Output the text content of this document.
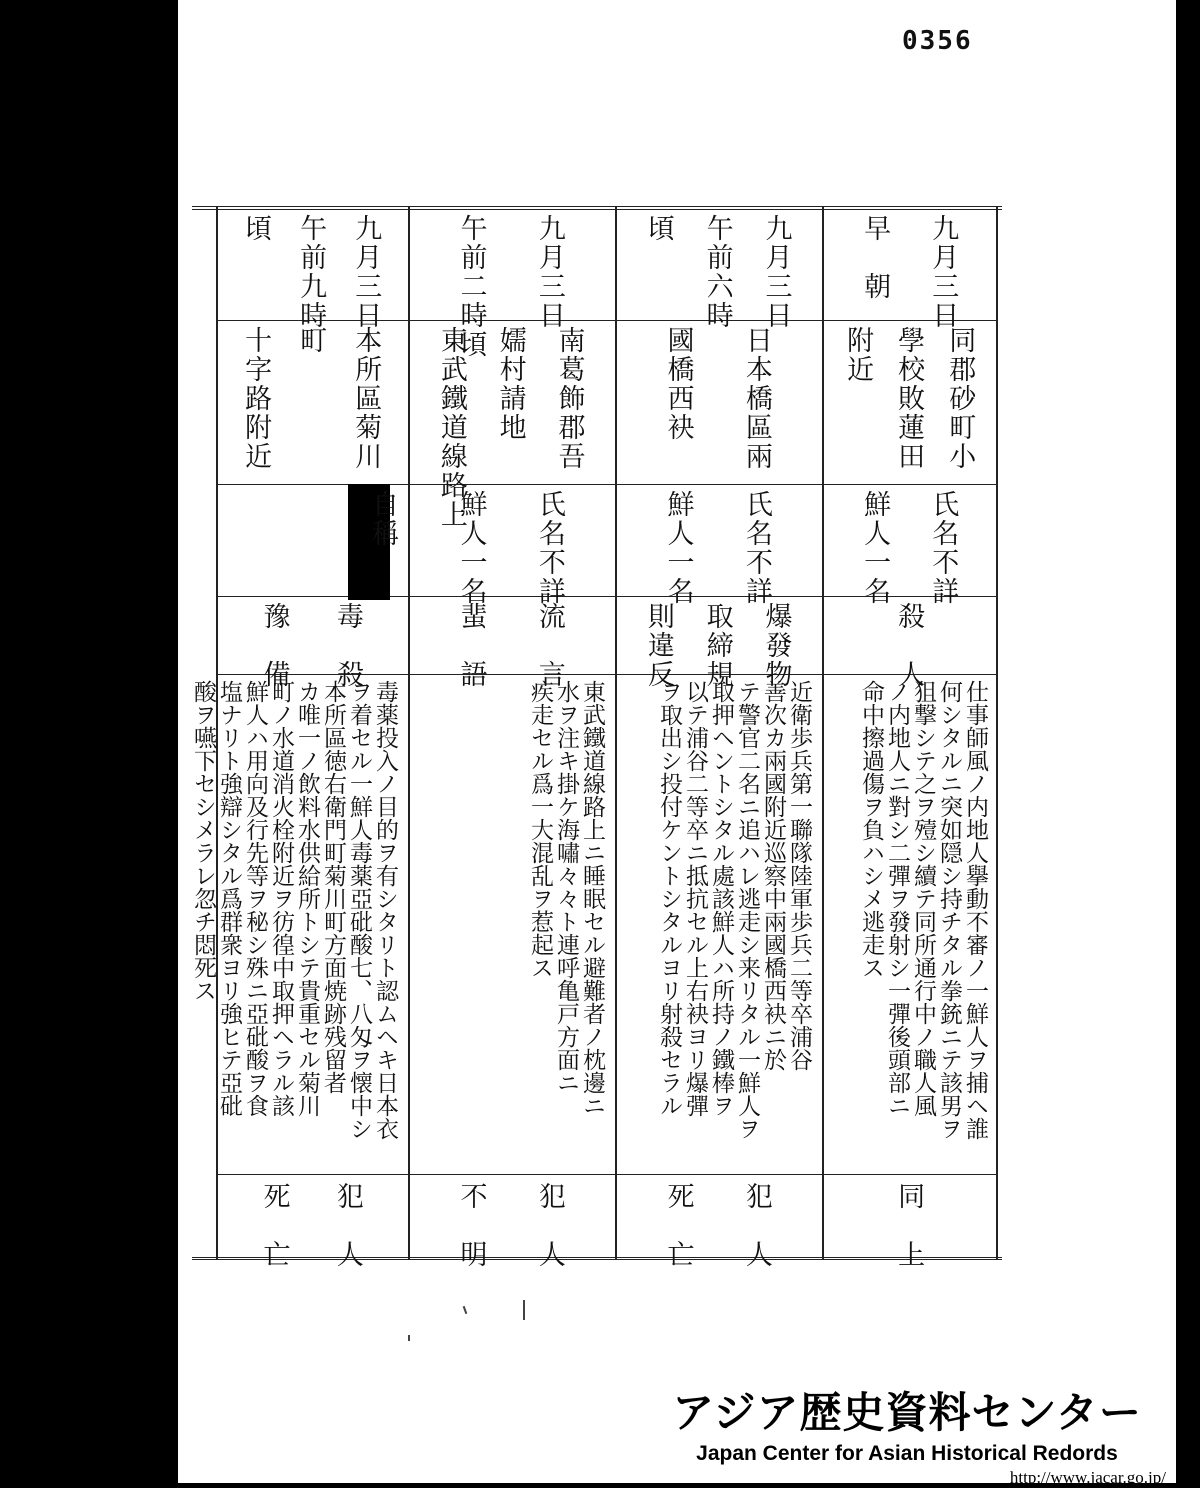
0356
九月三日
早　朝
同郡砂町小
學校敗蓮田
附近
氏名不詳
鮮人一名
殺　人
仕事師風ノ内地人擧動不審ノ一鮮人ヲ捕ヘ誰
何シタルニ突如隠シ持チタル拳銃ニテ該男ヲ
狙撃シテ之ヲ殪シ續テ同所通行中ノ職人風
ノ内地人ニ對シ二彈ヲ發射シ一彈後頭部ニ
命中擦過傷ヲ負ハシメ逃走ス
同　上
九月三日
午前六時
頃
日本橋區兩
國橋西袂
氏名不詳
鮮人一名
爆發物
取締規
則違反
近衛歩兵第一聯隊陸軍歩兵二等卒浦谷
善次カ兩國附近巡察中兩國橋西袂ニ於
テ警官二名ニ追ハレ逃走シ来リタル一鮮人ヲ
取押ヘントシタル處該鮮人ハ所持ノ鐵棒ヲ
以テ浦谷二等卒ニ抵抗セル上右袂ヨリ爆彈
ヲ取出シ投付ケントシタルヨリ射殺セラル
犯　人
死　亡
九月三日
午前二時頃
南葛飾郡吾
嬬村請地
東武鐵道線路上
氏名不詳
鮮人一名
流　言
蜚　語
東武鐵道線路上ニ睡眠セル避難者ノ枕邊ニ
水ヲ注キ掛ケ海嘯々々ト連呼亀戸方面ニ
疾走セル爲一大混乱ヲ惹起ス
犯　人
不　明
九月三日
午前九時
頃
本所區菊川
町
十字路附近
自稱
毒　殺
豫　備
毒薬投入ノ目的ヲ有シタリト認ムヘキ日本衣
ヲ着セル一鮮人毒薬亞砒酸七、八匁ヲ懐中シ
本所區徳右衛門町菊川町方面焼跡残留者
カ唯一ノ飲料水供給所トシテ貴重セル菊川
町ノ水道消火栓附近ヲ彷徨中取押ヘラル該
鮮人ハ用向及行先等ヲ秘シ殊ニ亞砒酸ヲ食
塩ナリト強辯シタル爲群衆ヨリ強ヒテ亞砒
酸ヲ嚥下セシメラレ忽チ悶死ス
犯　人
死　亡
アジア歴史資料センター
Japan Center for Asian Historical Redords
http://www.jacar.go.jp/
